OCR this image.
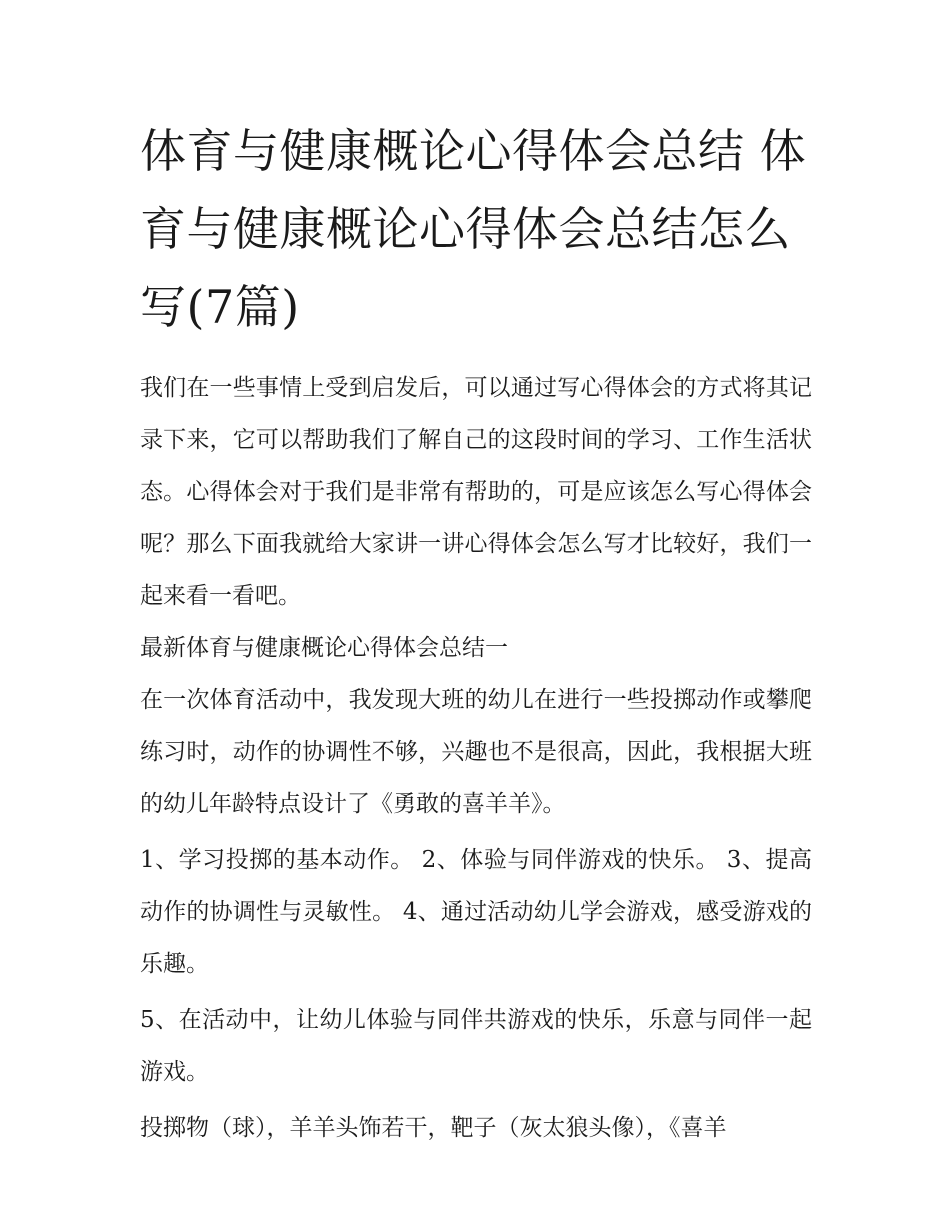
体育与健康概论心得体会总结 体育与健康概论心得体会总结怎么写(7篇)

我们在一些事情上受到启发后，可以通过写心得体会的方式将其记录下来，它可以帮助我们了解自己的这段时间的学习、工作生活状态。心得体会对于我们是非常有帮助的，可是应该怎么写心得体会呢？那么下面我就给大家讲一讲心得体会怎么写才比较好，我们一起来看一看吧。

最新体育与健康概论心得体会总结一

在一次体育活动中，我发现大班的幼儿在进行一些投掷动作或攀爬练习时，动作的协调性不够，兴趣也不是很高，因此，我根据大班的幼儿年龄特点设计了《勇敢的喜羊羊》。

1、学习投掷的基本动作。 2、体验与同伴游戏的快乐。 3、提高动作的协调性与灵敏性。 4、通过活动幼儿学会游戏，感受游戏的乐趣。

5、在活动中，让幼儿体验与同伴共游戏的快乐，乐意与同伴一起游戏。

投掷物（球），羊羊头饰若干，靶子（灰太狼头像），《喜羊
